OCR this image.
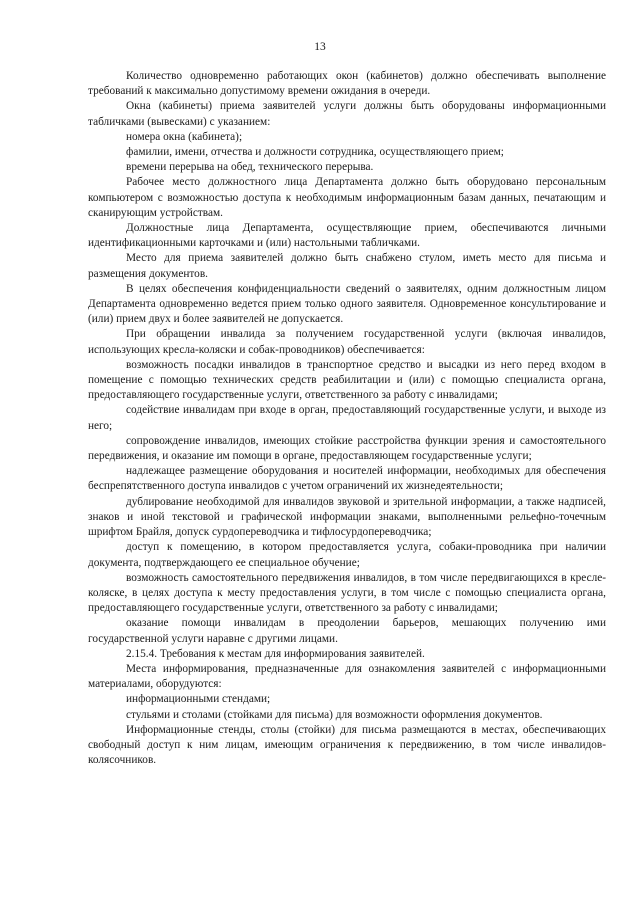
13

Количество одновременно работающих окон (кабинетов) должно обеспечивать выполнение требований к максимально допустимому времени ожидания в очереди.

Окна (кабинеты) приема заявителей услуги должны быть оборудованы информационными табличками (вывесками) с указанием:

номера окна (кабинета);

фамилии, имени, отчества и должности сотрудника, осуществляющего прием;

времени перерыва на обед, технического перерыва.

Рабочее место должностного лица Департамента должно быть оборудовано персональным компьютером с возможностью доступа к необходимым информационным базам данных, печатающим и сканирующим устройствам.

Должностные лица Департамента, осуществляющие прием, обеспечиваются личными идентификационными карточками и (или) настольными табличками.

Место для приема заявителей должно быть снабжено стулом, иметь место для письма и размещения документов.

В целях обеспечения конфиденциальности сведений о заявителях, одним должностным лицом Департамента одновременно ведется прием только одного заявителя. Одновременное консультирование и (или) прием двух и более заявителей не допускается.

При обращении инвалида за получением государственной услуги (включая инвалидов, использующих кресла-коляски и собак-проводников) обеспечивается:

возможность посадки инвалидов в транспортное средство и высадки из него перед входом в помещение с помощью технических средств реабилитации и (или) с помощью специалиста органа, предоставляющего государственные услуги, ответственного за работу с инвалидами;

содействие инвалидам при входе в орган, предоставляющий государственные услуги, и выходе из него;

сопровождение инвалидов, имеющих стойкие расстройства функции зрения и самостоятельного передвижения, и оказание им помощи в органе, предоставляющем государственные услуги;

надлежащее размещение оборудования и носителей информации, необходимых для обеспечения беспрепятственного доступа инвалидов с учетом ограничений их жизнедеятельности;

дублирование необходимой для инвалидов звуковой и зрительной информации, а также надписей, знаков и иной текстовой и графической информации знаками, выполненными рельефно-точечным шрифтом Брайля, допуск сурдопереводчика и тифлосурдопереводчика;

доступ к помещению, в котором предоставляется услуга, собаки-проводника при наличии документа, подтверждающего ее специальное обучение;

возможность самостоятельного передвижения инвалидов, в том числе передвигающихся в кресле-коляске, в целях доступа к месту предоставления услуги, в том числе с помощью специалиста органа, предоставляющего государственные услуги, ответственного за работу с инвалидами;

оказание помощи инвалидам в преодолении барьеров, мешающих получению ими государственной услуги наравне с другими лицами.

2.15.4. Требования к местам для информирования заявителей.

Места информирования, предназначенные для ознакомления заявителей с информационными материалами, оборудуются:

информационными стендами;

стульями и столами (стойками для письма) для возможности оформления документов.

Информационные стенды, столы (стойки) для письма размещаются в местах, обеспечивающих свободный доступ к ним лицам, имеющим ограничения к передвижению, в том числе инвалидов-колясочников.
